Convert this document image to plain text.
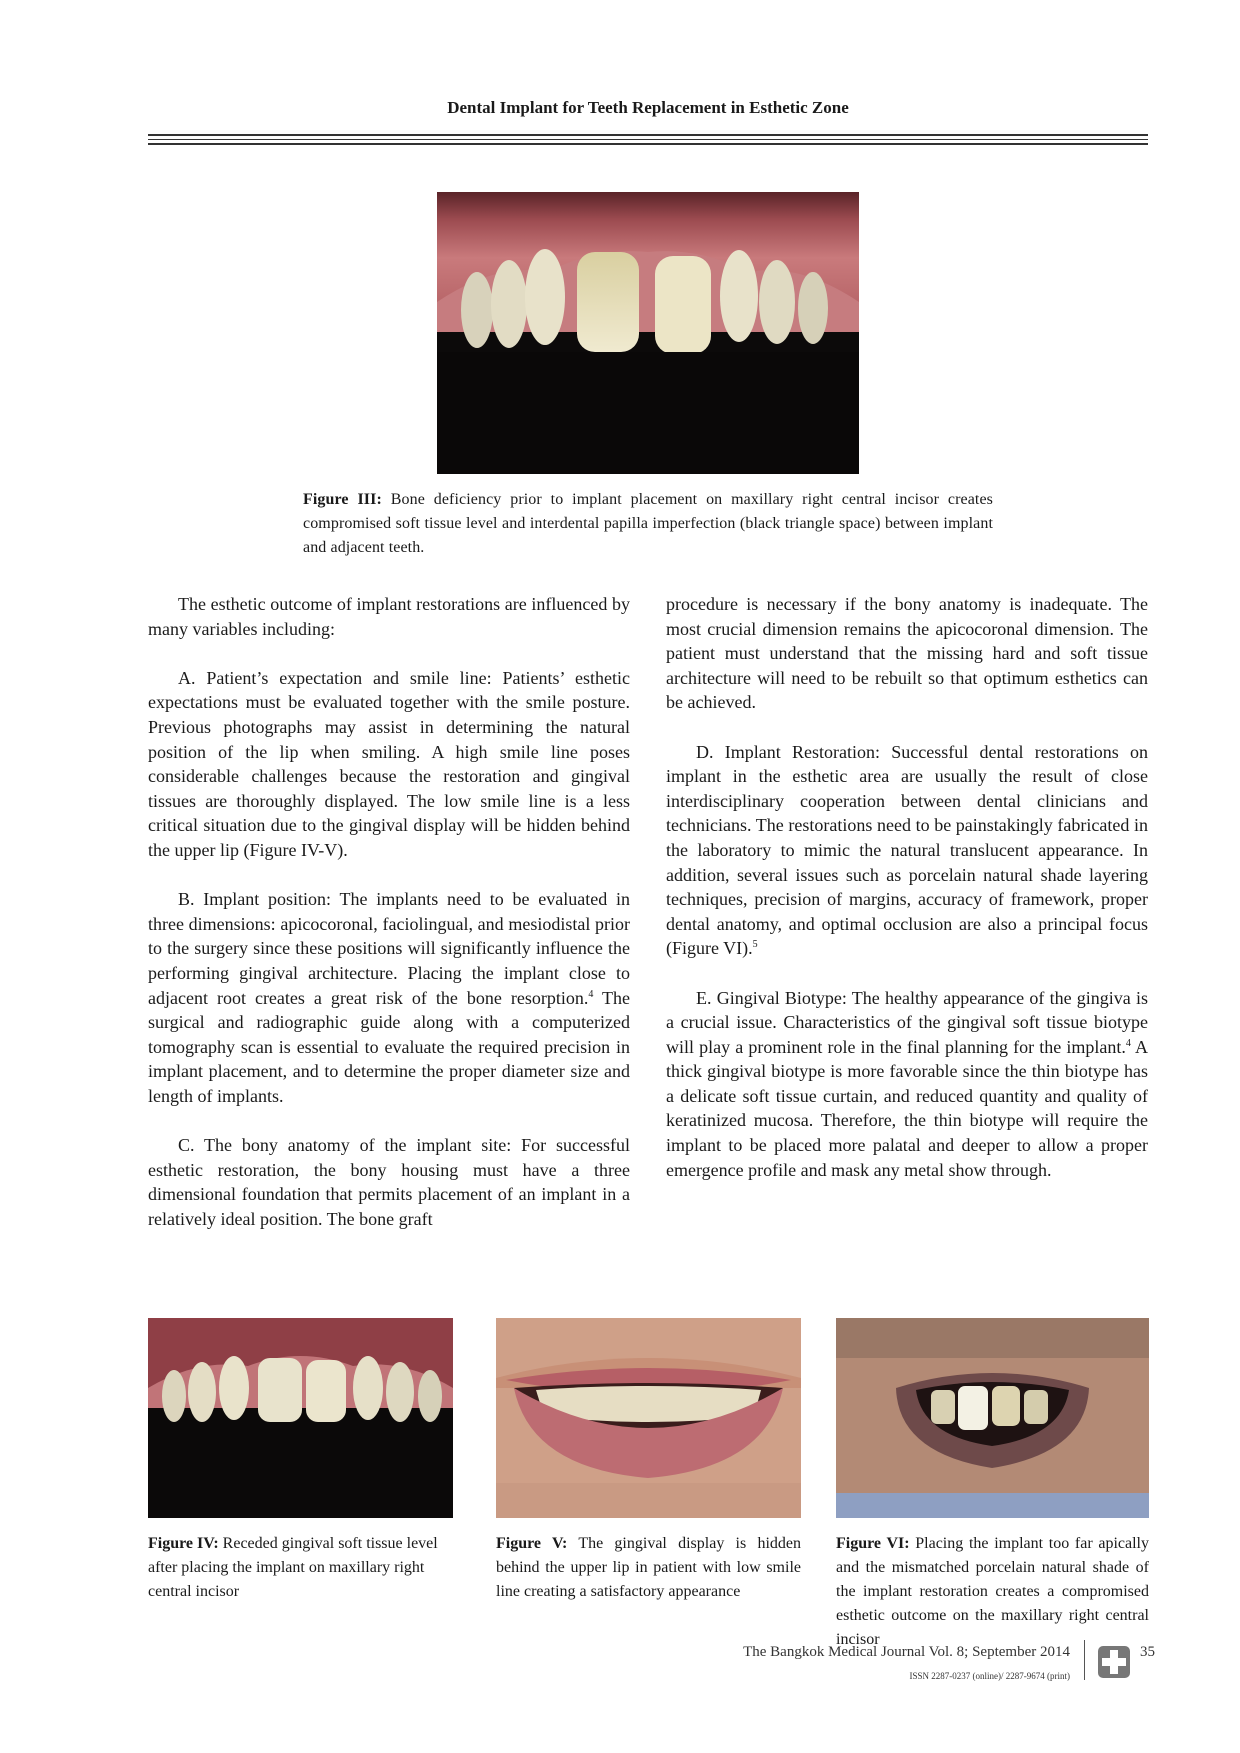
Dental Implant for Teeth Replacement in Esthetic Zone
Figure III: Bone deficiency prior to implant placement on maxillary right central incisor creates compromised soft tissue level and interdental papilla imperfection (black triangle space) between implant and adjacent teeth.

The esthetic outcome of implant restorations are influenced by many variables including:

A. Patient’s expectation and smile line: Patients’ esthetic expectations must be evaluated together with the smile posture. Previous photographs may assist in determining the natural position of the lip when smiling. A high smile line poses considerable challenges because the restoration and gingival tissues are thoroughly displayed. The low smile line is a less critical situation due to the gingival display will be hidden behind the upper lip (Figure IV-V).

B. Implant position: The implants need to be evaluated in three dimensions: apicocoronal, faciolingual, and mesiodistal prior to the surgery since these positions will significantly influence the performing gingival architecture. Placing the implant close to adjacent root creates a great risk of the bone resorption.$^4$ The surgical and radiographic guide along with a computerized tomography scan is essential to evaluate the required precision in implant placement, and to determine the proper diameter size and length of implants.

C. The bony anatomy of the implant site: For successful esthetic restoration, the bony housing must have a three dimensional foundation that permits placement of an implant in a relatively ideal position. The bone graft

procedure is necessary if the bony anatomy is inadequate. The most crucial dimension remains the apicocoronal dimension. The patient must understand that the missing hard and soft tissue architecture will need to be rebuilt so that optimum esthetics can be achieved.

D. Implant Restoration: Successful dental restorations on implant in the esthetic area are usually the result of close interdisciplinary cooperation between dental clinicians and technicians. The restorations need to be painstakingly fabricated in the laboratory to mimic the natural translucent appearance. In addition, several issues such as porcelain natural shade layering techniques, precision of margins, accuracy of framework, proper dental anatomy, and optimal occlusion are also a principal focus (Figure VI).$^5$

E. Gingival Biotype: The healthy appearance of the gingiva is a crucial issue. Characteristics of the gingival soft tissue biotype will play a prominent role in the final planning for the implant.$^4$ A thick gingival biotype is more favorable since the thin biotype has a delicate soft tissue curtain, and reduced quantity and quality of keratinized mucosa. Therefore, the thin biotype will require the implant to be placed more palatal and deeper to allow a proper emergence profile and mask any metal show through.

Figure IV: Receded gingival soft tissue level after placing the implant on maxillary right central incisor
Figure V: The gingival display is hidden behind the upper lip in patient with low smile line creating a satisfactory appearance
Figure VI: Placing the implant too far apically and the mismatched porcelain natural shade of the implant restoration creates a compromised esthetic outcome on the maxillary right central incisor
The Bangkok Medical Journal Vol. 8; September 2014
ISSN 2287-0237 (online)/ 2287-9674 (print)
35
